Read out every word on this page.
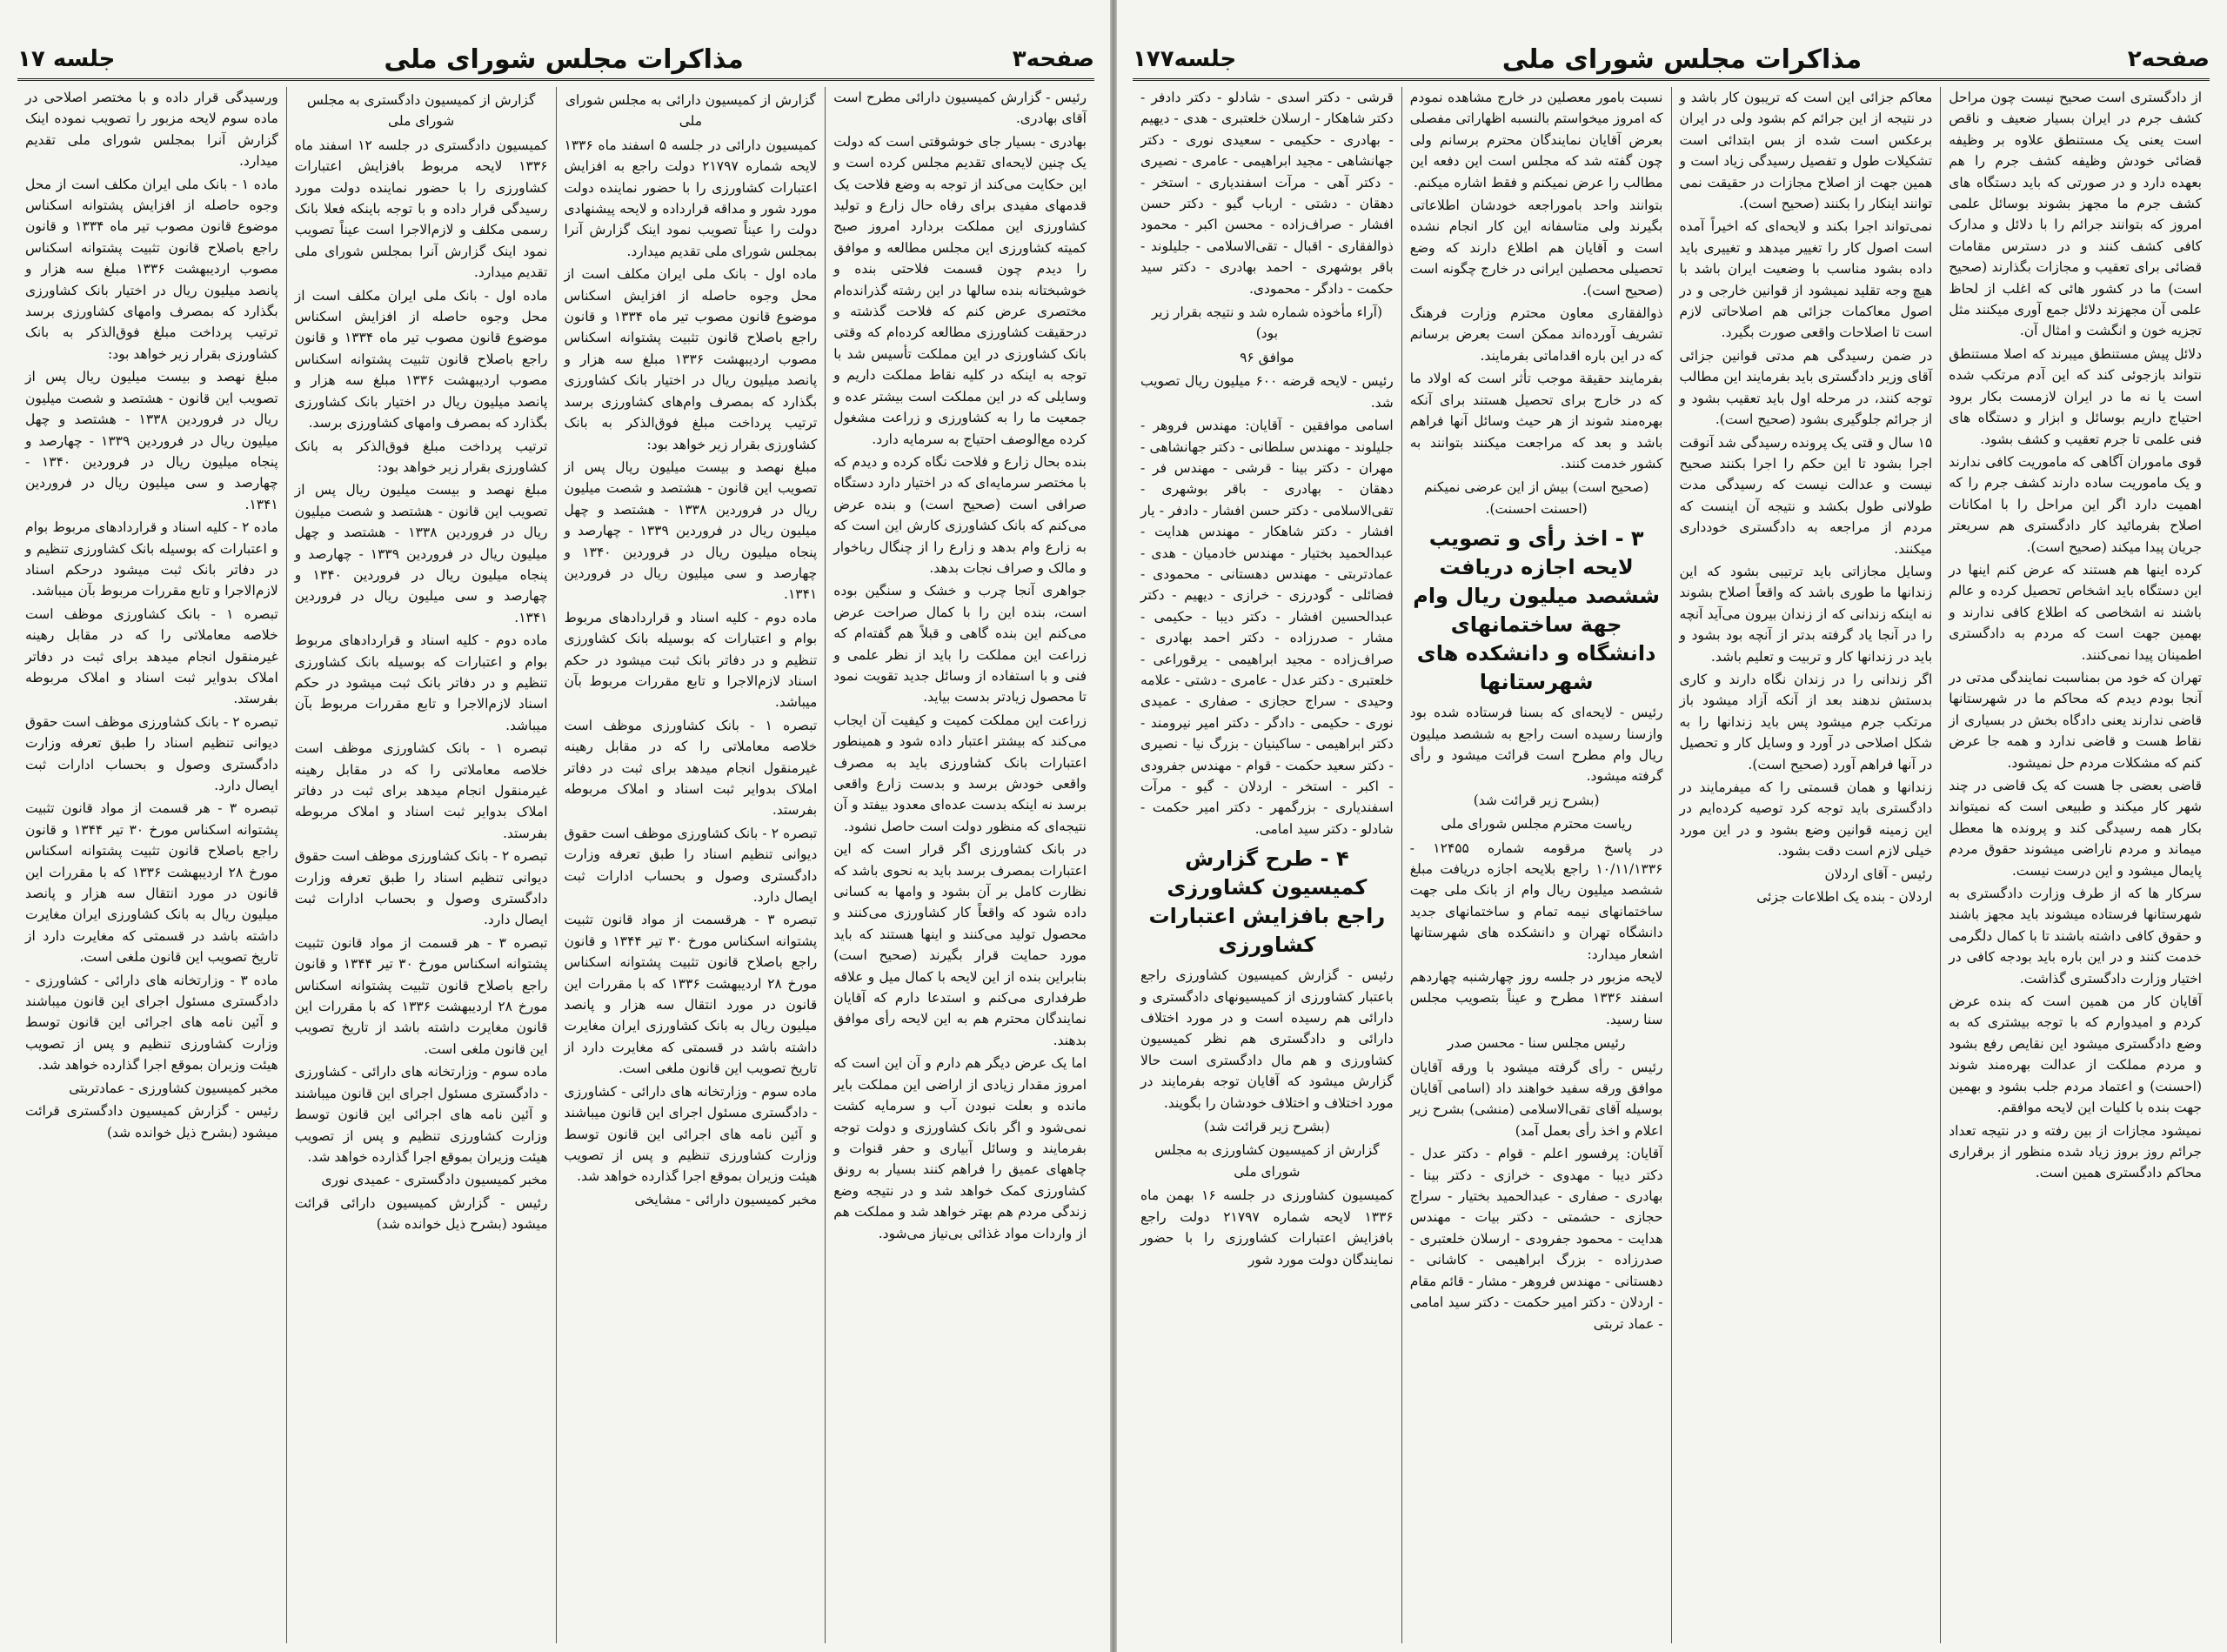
صفحه۳
مذاکرات مجلس شورای ملی
جلسه ۱۷

رئیس - گزارش کمیسیون دارائی مطرح است آقای بهادری.

بهادری - بسیار جای خوشوقتی است که دولت یک چنین لایحه‌ای تقدیم مجلس کرده است و این حکایت می‌کند از توجه به وضع فلاحت یک قدمهای مفیدی برای رفاه حال زارع و تولید کشاورزی این مملکت بردارد امروز صبح کمیته کشاورزی این مجلس مطالعه و موافق را دیدم چون قسمت فلاحتی بنده و خوشبختانه بنده سالها در این رشته گذرانده‌ام مختصری عرض کنم که فلاحت گذشته و درحقیقت کشاورزی مطالعه کرده‌ام که وقتی بانک کشاورزی در این مملکت تأسیس شد با توجه به اینکه در کلیه نقاط مملکت داریم و وسایلی که در این مملکت است بیشتر عده و جمعیت ما را به کشاورزی و زراعت مشغول کرده مع‌الوصف احتیاج به سرمایه دارد.

بنده بحال زارع و فلاحت نگاه کرده و دیدم که با مختصر سرمایه‌ای که در اختیار دارد دستگاه صرافی است (صحیح است) و بنده عرض می‌کنم که بانک کشاورزی کارش این است که به زارع وام بدهد و زارع را از چنگال رباخوار و مالک و صراف نجات بدهد.

جواهری آنجا چرب و خشک و سنگین بوده است، بنده این را با کمال صراحت عرض می‌کنم این بنده گاهی و قبلاً هم گفته‌ام که زراعت این مملکت را باید از نظر علمی و فنی و با استفاده از وسائل جدید تقویت نمود تا محصول زیادتر بدست بیاید.

زراعت این مملکت کمیت و کیفیت آن ایجاب می‌کند که بیشتر اعتبار داده شود و همینطور اعتبارات بانک کشاورزی باید به مصرف واقعی خودش برسد و بدست زارع واقعی برسد نه اینکه بدست عده‌ای معدود بیفتد و آن نتیجه‌ای که منظور دولت است حاصل نشود.

در بانک کشاورزی اگر قرار است که این اعتبارات بمصرف برسد باید به نحوی باشد که نظارت کامل بر آن بشود و وامها به کسانی داده شود که واقعاً کار کشاورزی می‌کنند و محصول تولید می‌کنند و اینها هستند که باید مورد حمایت قرار بگیرند (صحیح است) بنابراین بنده از این لایحه با کمال میل و علاقه طرفداری می‌کنم و استدعا دارم که آقایان نمایندگان محترم هم به این لایحه رأی موافق بدهند.

اما یک عرض دیگر هم دارم و آن این است که امروز مقدار زیادی از اراضی این مملکت بایر مانده و بعلت نبودن آب و سرمایه کشت نمی‌شود و اگر بانک کشاورزی و دولت توجه بفرمایند و وسائل آبیاری و حفر قنوات و چاههای عمیق را فراهم کنند بسیار به رونق کشاورزی کمک خواهد شد و در نتیجه وضع زندگی مردم هم بهتر خواهد شد و مملکت هم از واردات مواد غذائی بی‌نیاز می‌شود.

گزارش از کمیسیون دارائی به مجلس شورای ملی

کمیسیون دارائی در جلسه ۵ اسفند ماه ۱۳۳۶ لایحه شماره ۲۱۷۹۷ دولت راجع به افزایش اعتبارات کشاورزی را با حضور نماینده دولت مورد شور و مداقه قرارداده و لایحه پیشنهادی دولت را عیناً تصویب نمود اینک گزارش آنرا بمجلس شورای ملی تقدیم میدارد.

ماده اول - بانک ملی ایران مکلف است از محل وجوه حاصله از افزایش اسکناس موضوع قانون مصوب تیر ماه ۱۳۳۴ و قانون راجع باصلاح قانون تثبیت پشتوانه اسکناس مصوب اردیبهشت ۱۳۳۶ مبلغ سه هزار و پانصد میلیون ریال در اختیار بانک کشاورزی بگذارد که بمصرف وام‌های کشاورزی برسد ترتیب پرداخت مبلغ فوق‌الذکر به بانک کشاورزی بقرار زیر خواهد بود:

مبلغ نهصد و بیست میلیون ریال پس از تصویب این قانون - هشتصد و شصت میلیون ریال در فروردین ۱۳۳۸ - هشتصد و چهل میلیون ریال در فروردین ۱۳۳۹ - چهارصد و پنجاه میلیون ریال در فروردین ۱۳۴۰ و چهارصد و سی میلیون ریال در فروردین ۱۳۴۱.

ماده دوم - کلیه اسناد و قراردادهای مربوط بوام و اعتبارات که بوسیله بانک کشاورزی تنظیم و در دفاتر بانک ثبت میشود در حکم اسناد لازم‌الاجرا و تابع مقررات مربوط بآن میباشد.

تبصره ۱ - بانک کشاورزی موظف است خلاصه معاملاتی را که در مقابل رهینه غیرمنقول انجام میدهد برای ثبت در دفاتر املاک بدوایر ثبت اسناد و املاک مربوطه بفرستد.

تبصره ۲ - بانک کشاورزی موظف است حقوق دیوانی تنظیم اسناد را طبق تعرفه وزارت دادگستری وصول و بحساب ادارات ثبت ایصال دارد.

تبصره ۳ - هرقسمت از مواد قانون تثبیت پشتوانه اسکناس مورخ ۳۰ تیر ۱۳۴۴ و قانون راجع باصلاح قانون تثبیت پشتوانه اسکناس مورخ ۲۸ اردیبهشت ۱۳۳۶ که با مقررات این قانون در مورد انتقال سه هزار و پانصد میلیون ریال به بانک کشاورزی ایران مغایرت داشته باشد در قسمتی که مغایرت دارد از تاریخ تصویب این قانون ملغی است.

ماده سوم - وزارتخانه های دارائی - کشاورزی - دادگستری مسئول اجرای این قانون میباشند و آئین نامه های اجرائی این قانون توسط وزارت کشاورزی تنظیم و پس از تصویب هیئت وزیران بموقع اجرا گذارده خواهد شد.

مخبر کمیسیون دارائی - مشایخی

گزارش از کمیسیون دادگستری به مجلس شورای ملی

کمیسیون دادگستری در جلسه ۱۲ اسفند ماه ۱۳۳۶ لایحه مربوط بافزایش اعتبارات کشاورزی را با حضور نماینده دولت مورد رسیدگی قرار داده و با توجه باینکه فعلا بانک رسمی مکلف و لازم‌الاجرا است عیناً تصویب نمود اینک گزارش آنرا بمجلس شورای ملی تقدیم میدارد.

ماده اول - بانک ملی ایران مکلف است از محل وجوه حاصله از افزایش اسکناس موضوع قانون مصوب تیر ماه ۱۳۳۴ و قانون راجع باصلاح قانون تثبیت پشتوانه اسکناس مصوب اردیبهشت ۱۳۳۶ مبلغ سه هزار و پانصد میلیون ریال در اختیار بانک کشاورزی بگذارد که بمصرف وامهای کشاورزی برسد.

ترتیب پرداخت مبلغ فوق‌الذکر به بانک کشاورزی بقرار زیر خواهد بود:

مبلغ نهصد و بیست میلیون ریال پس از تصویب این قانون - هشتصد و شصت میلیون ریال در فروردین ۱۳۳۸ - هشتصد و چهل میلیون ریال در فروردین ۱۳۳۹ - چهارصد و پنجاه میلیون ریال در فروردین ۱۳۴۰ و چهارصد و سی میلیون ریال در فروردین ۱۳۴۱.

ماده دوم - کلیه اسناد و قراردادهای مربوط بوام و اعتبارات که بوسیله بانک کشاورزی تنظیم و در دفاتر بانک ثبت میشود در حکم اسناد لازم‌الاجرا و تابع مقررات مربوط بآن میباشد.

تبصره ۱ - بانک کشاورزی موظف است خلاصه معاملاتی را که در مقابل رهینه غیرمنقول انجام میدهد برای ثبت در دفاتر املاک بدوایر ثبت اسناد و املاک مربوطه بفرستد.

تبصره ۲ - بانک کشاورزی موظف است حقوق دیوانی تنظیم اسناد را طبق تعرفه وزارت دادگستری وصول و بحساب ادارات ثبت ایصال دارد.

تبصره ۳ - هر قسمت از مواد قانون تثبیت پشتوانه اسکناس مورخ ۳۰ تیر ۱۳۴۴ و قانون راجع باصلاح قانون تثبیت پشتوانه اسکناس مورخ ۲۸ اردیبهشت ۱۳۳۶ که با مقررات این قانون مغایرت داشته باشد از تاریخ تصویب این قانون ملغی است.

ماده سوم - وزارتخانه های دارائی - کشاورزی - دادگستری مسئول اجرای این قانون میباشند و آئین نامه های اجرائی این قانون توسط وزارت کشاورزی تنظیم و پس از تصویب هیئت وزیران بموقع اجرا گذارده خواهد شد.

مخبر کمیسیون دادگستری - عمیدی نوری

رئیس - گزارش کمیسیون دارائی قرائت میشود (بشرح ذیل خوانده شد)

ورسیدگی قرار داده و با مختصر اصلاحی در ماده سوم لایحه مزبور را تصویب نموده اینک گزارش آنرا بمجلس شورای ملی تقدیم میدارد.

ماده ۱ - بانک ملی ایران مکلف است از محل وجوه حاصله از افزایش پشتوانه اسکناس موضوع قانون مصوب تیر ماه ۱۳۳۴ و قانون راجع باصلاح قانون تثبیت پشتوانه اسکناس مصوب اردیبهشت ۱۳۳۶ مبلغ سه هزار و پانصد میلیون ریال در اختیار بانک کشاورزی بگذارد که بمصرف وامهای کشاورزی برسد ترتیب پرداخت مبلغ فوق‌الذکر به بانک کشاورزی بقرار زیر خواهد بود:

مبلغ نهصد و بیست میلیون ریال پس از تصویب این قانون - هشتصد و شصت میلیون ریال در فروردین ۱۳۳۸ - هشتصد و چهل میلیون ریال در فروردین ۱۳۳۹ - چهارصد و پنجاه میلیون ریال در فروردین ۱۳۴۰ - چهارصد و سی میلیون ریال در فروردین ۱۳۴۱.

ماده ۲ - کلیه اسناد و قراردادهای مربوط بوام و اعتبارات که بوسیله بانک کشاورزی تنظیم و در دفاتر بانک ثبت میشود درحکم اسناد لازم‌الاجرا و تابع مقررات مربوط بآن میباشد.

تبصره ۱ - بانک کشاورزی موظف است خلاصه معاملاتی را که در مقابل رهینه غیرمنقول انجام میدهد برای ثبت در دفاتر املاک بدوایر ثبت اسناد و املاک مربوطه بفرستد.

تبصره ۲ - بانک کشاورزی موظف است حقوق دیوانی تنظیم اسناد را طبق تعرفه وزارت دادگستری وصول و بحساب ادارات ثبت ایصال دارد.

تبصره ۳ - هر قسمت از مواد قانون تثبیت پشتوانه اسکناس مورخ ۳۰ تیر ۱۳۴۴ و قانون راجع باصلاح قانون تثبیت پشتوانه اسکناس مورخ ۲۸ اردیبهشت ۱۳۳۶ که با مقررات این قانون در مورد انتقال سه هزار و پانصد میلیون ریال به بانک کشاورزی ایران مغایرت داشته باشد در قسمتی که مغایرت دارد از تاریخ تصویب این قانون ملغی است.

ماده ۳ - وزارتخانه های دارائی - کشاورزی - دادگستری مسئول اجرای این قانون میباشند و آئین نامه های اجرائی این قانون توسط وزارت کشاورزی تنظیم و پس از تصویب هیئت وزیران بموقع اجرا گذارده خواهد شد.

مخبر کمیسیون کشاورزی - عمادتربتی

رئیس - گزارش کمیسیون دادگستری قرائت میشود (بشرح ذیل خوانده شد)

صفحه۲
مذاکرات مجلس شورای ملی
جلسه۱۷۷

از دادگستری است صحیح نیست چون مراحل کشف جرم در ایران بسیار ضعیف و ناقص است یعنی یک مستنطق علاوه بر وظیفه قضائی خودش وظیفه کشف جرم را هم بعهده دارد و در صورتی که باید دستگاه های کشف جرم ما مجهز بشوند بوسائل علمی امروز که بتوانند جرائم را با دلائل و مدارک کافی کشف کنند و در دسترس مقامات قضائی برای تعقیب و مجازات بگذارند (صحیح است) ما در کشور هائی که اغلب از لحاظ علمی آن مجهزند دلائل جمع آوری میکنند مثل تجزیه خون و انگشت و امثال آن.

دلائل پیش مستنطق میبرند که اصلا مستنطق نتواند بازجوئی کند که این آدم مرتکب شده است یا نه ما در ایران لازمست بکار برود احتیاج داریم بوسائل و ابزار و دستگاه های فنی علمی تا جرم تعقیب و کشف بشود.

قوی ماموران آگاهی که ماموریت کافی ندارند و یک ماموریت ساده دارند کشف جرم را که اهمیت دارد اگر این مراحل را با امکانات اصلاح بفرمائید کار دادگستری هم سریعتر جریان پیدا میکند (صحیح است).

کرده اینها هم هستند که عرض کنم اینها در این دستگاه باید اشخاص تحصیل کرده و عالم باشند نه اشخاصی که اطلاع کافی ندارند و بهمین جهت است که مردم به دادگستری اطمینان پیدا نمی‌کنند.

تهران که خود من بمناسبت نمایندگی مدتی در آنجا بودم دیدم که محاکم ما در شهرستانها قاضی ندارند یعنی دادگاه بخش در بسیاری از نقاط هست و قاضی ندارد و همه جا عرض کنم که مشکلات مردم حل نمیشود.

قاضی بعضی جا هست که یک قاضی در چند شهر کار میکند و طبیعی است که نمیتواند بکار همه رسیدگی کند و پرونده ها معطل میماند و مردم ناراضی میشوند حقوق مردم پایمال میشود و این درست نیست.

سرکار ها که از طرف وزارت دادگستری به شهرستانها فرستاده میشوند باید مجهز باشند و حقوق کافی داشته باشند تا با کمال دلگرمی خدمت کنند و در این باره باید بودجه کافی در اختیار وزارت دادگستری گذاشت.

آقایان کار من همین است که بنده عرض کردم و امیدوارم که با توجه بیشتری که به وضع دادگستری میشود این نقایص رفع بشود و مردم مملکت از عدالت بهره‌مند شوند (احسنت) و اعتماد مردم جلب بشود و بهمین جهت بنده با کلیات این لایحه موافقم.

نمیشود مجازات از بین رفته و در نتیجه تعداد جرائم روز بروز زیاد شده منظور از برقراری محاکم دادگستری همین است.

معاکم جزائی این است که تریبون کار باشد و در نتیجه از این جرائم کم بشود ولی در ایران برعکس است شده از بس ابتدائی است تشکیلات طول و تفصیل رسیدگی زیاد است و همین جهت از اصلاح مجازات در حقیقت نمی توانند اینکار را بکنند (صحیح است).

نمی‌تواند اجرا بکند و لایحه‌ای که اخیراً آمده است اصول کار را تغییر میدهد و تغییری باید داده بشود مناسب با وضعیت ایران باشد با هیچ وجه تقلید نمیشود از قوانین خارجی و در اصول معاکمات جزائی هم اصلاحاتی لازم است تا اصلاحات واقعی صورت بگیرد.

در ضمن رسیدگی هم مدتی قوانین جزائی آقای وزیر دادگستری باید بفرمایند این مطالب توجه کنند، در مرحله اول باید تعقیب بشود و از جرائم جلوگیری بشود (صحیح است).

۱۵ سال و قتی یک پرونده رسیدگی شد آنوقت اجرا بشود تا این حکم را اجرا بکنند صحیح نیست و عدالت نیست که رسیدگی مدت طولانی طول بکشد و نتیجه آن اینست که مردم از مراجعه به دادگستری خودداری میکنند.

وسایل مجازاتی باید ترتیبی بشود که این زندانها ما طوری باشد که واقعاً اصلاح بشوند نه اینکه زندانی که از زندان بیرون می‌آید آنچه را در آنجا یاد گرفته بدتر از آنچه بود بشود و باید در زندانها کار و تربیت و تعلیم باشد.

اگر زندانی را در زندان نگاه دارند و کاری بدستش ندهند بعد از آنکه آزاد میشود باز مرتکب جرم میشود پس باید زندانها را به شکل اصلاحی در آورد و وسایل کار و تحصیل در آنها فراهم آورد (صحیح است).

زندانها و همان قسمتی را که میفرمایند در دادگستری باید توجه کرد توصیه کرده‌ایم در این زمینه قوانین وضع بشود و در این مورد خیلی لازم است دقت بشود.

رئیس - آقای اردلان

اردلان - بنده یک اطلاعات جزئی

نسبت بامور معصلین در خارج مشاهده نمودم که امروز میخواستم بالنسبه اظهاراتی مفصلی بعرض آقایان نمایندگان محترم برسانم ولی چون گفته شد که مجلس است این دفعه این مطالب را عرض نمیکنم و فقط اشاره میکنم.

بتوانند واحد باموراجعه خودشان اطلاعاتی بگیرند ولی متاسفانه این کار انجام نشده است و آقایان هم اطلاع دارند که وضع تحصیلی محصلین ایرانی در خارج چگونه است (صحیح است).

ذوالفقاری معاون محترم وزارت فرهنگ تشریف آورده‌اند ممکن است بعرض برسانم که در این باره اقداماتی بفرمایند.

بفرمایند حقیقة موجب تأثر است که اولاد ما که در خارج برای تحصیل هستند برای آنکه بهره‌مند شوند از هر حیث وسائل آنها فراهم باشد و بعد که مراجعت میکنند بتوانند به کشور خدمت کنند.

(صحیح است) بیش از این عرضی نمیکنم (احسنت احسنت).

۳ - اخذ رأی و تصویب لایحه اجازه دریافت ششصد میلیون ریال وام جهة ساختمانهای دانشگاه و دانشکده های شهرستانها

رئیس - لایحه‌ای که بسنا فرستاده شده بود وازسنا رسیده است راجع به ششصد میلیون ریال وام مطرح است قرائت میشود و رأی گرفته میشود.

(بشرح زیر قرائت شد)

ریاست محترم مجلس شورای ملی

در پاسخ مرقومه شماره ۱۲۴۵۵ - ۱۰/۱۱/۱۳۳۶ راجع بلایحه اجازه دریافت مبلغ ششصد میلیون ریال وام از بانک ملی جهت ساختمانهای نیمه تمام و ساختمانهای جدید دانشگاه تهران و دانشکده های شهرستانها اشعار میدارد:

لایحه مزبور در جلسه روز چهارشنبه چهاردهم اسفند ۱۳۳۶ مطرح و عیناً بتصویب مجلس سنا رسید.

رئیس مجلس سنا - محسن صدر

رئیس - رأی گرفته میشود با ورقه آقایان موافق ورقه سفید خواهند داد (اسامی آقایان بوسیله آقای تقی‌الاسلامی (منشی) بشرح زیر اعلام و اخذ رأی بعمل آمد)

آقایان: پرفسور اعلم - قوام - دکتر عدل - دکتر دیبا - مهدوی - خرازی - دکتر بینا - بهادری - صفاری - عبدالحمید بختیار - سراج حجازی - حشمتی - دکتر بیات - مهندس هدایت - محمود جفرودی - ارسلان خلعتبری - صدرزاده - بزرگ ابراهیمی - کاشانی - دهستانی - مهندس فروهر - مشار - قائم مقام - اردلان - دکتر امیر حکمت - دکتر سید امامی - عماد تربتی

قرشی - دکتر اسدی - شادلو - دکتر دادفر - دکتر شاهکار - ارسلان خلعتبری - هدی - دیهیم - بهادری - حکیمی - سعیدی نوری - دکتر جهانشاهی - مجید ابراهیمی - عامری - نصیری - دکتر آهی - مرآت اسفندیاری - استخر - دهقان - دشتی - ارباب گیو - دکتر حسن افشار - صراف‌زاده - محسن اکبر - محمود ذوالفقاری - اقبال - تقی‌الاسلامی - جلیلوند - باقر بوشهری - احمد بهادری - دکتر سید حکمت - دادگر - محمودی.

(آراء مأخوذه شماره شد و نتیجه بقرار زیر بود)

موافق ۹۶

رئیس - لایحه قرضه ۶۰۰ میلیون ریال تصویب شد.

اسامی موافقین - آقایان: مهندس فروهر - جلیلوند - مهندس سلطانی - دکتر جهانشاهی - مهران - دکتر بینا - قرشی - مهندس فر - دهقان - بهادری - باقر بوشهری - تقی‌الاسلامی - دکتر حسن افشار - دادفر - یار افشار - دکتر شاهکار - مهندس هدایت - عبدالحمید بختیار - مهندس خادمیان - هدی - عمادتربتی - مهندس دهستانی - محمودی - فضائلی - گودرزی - خرازی - دیهیم - دکتر عبدالحسین افشار - دکتر دیبا - حکیمی - مشار - صدرزاده - دکتر احمد بهادری - صراف‌زاده - مجید ابراهیمی - یرقوراعی - خلعتبری - دکتر عدل - عامری - دشتی - علامه وحیدی - سراج حجازی - صفاری - عمیدی نوری - حکیمی - دادگر - دکتر امیر نیرومند - دکتر ابراهیمی - ساکینیان - بزرگ نیا - نصیری - دکتر سعید حکمت - قوام - مهندس جفرودی - اکبر - استخر - اردلان - گیو - مرآت اسفندیاری - بزرگمهر - دکتر امیر حکمت - شادلو - دکتر سید امامی.

۴ - طرح گزارش کمیسیون کشاورزی راجع بافزایش اعتبارات کشاورزی

رئیس - گزارش کمیسیون کشاورزی راجع باعتبار کشاورزی از کمیسیونهای دادگستری و دارائی هم رسیده است و در مورد اختلاف دارائی و دادگستری هم نظر کمیسیون کشاورزی و هم مال دادگستری است حالا گزارش میشود که آقایان توجه بفرمایند در مورد اختلاف و اختلاف خودشان را بگویند.

(بشرح زیر قرائت شد)

گزارش از کمیسیون کشاورزی به مجلس شورای ملی

کمیسیون کشاورزی در جلسه ۱۶ بهمن ماه ۱۳۳۶ لایحه شماره ۲۱۷۹۷ دولت راجع بافزایش اعتبارات کشاورزی را با حضور نمایندگان دولت مورد شور
